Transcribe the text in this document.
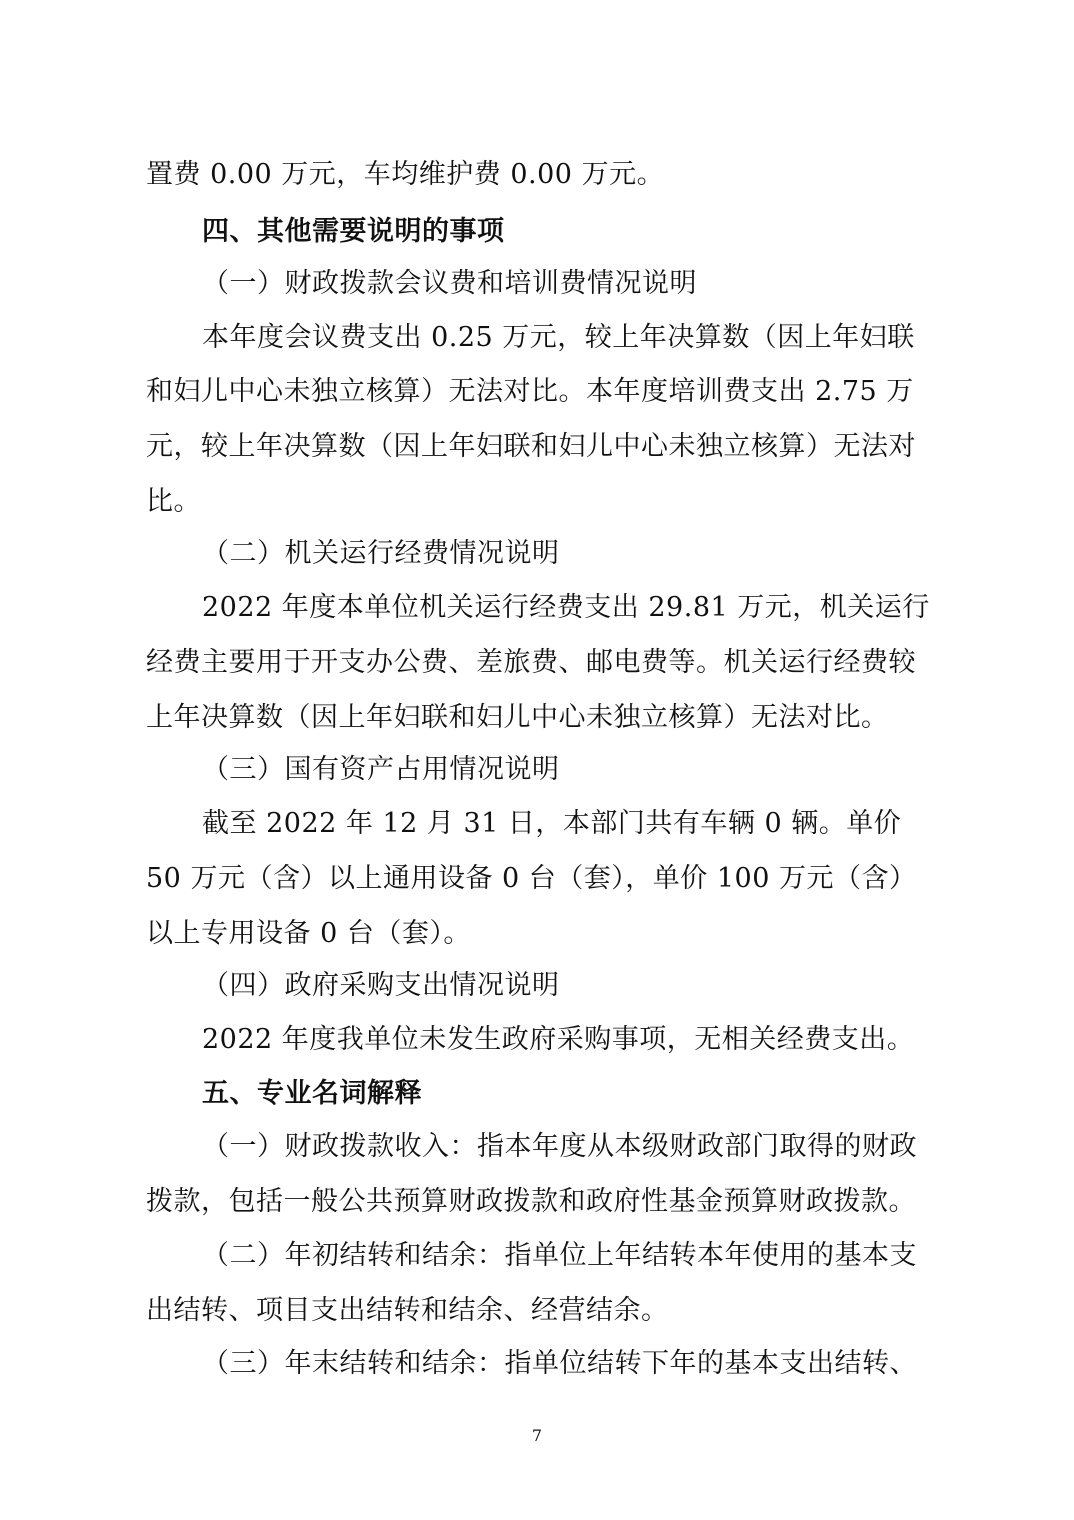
置费 0.00 万元，车均维护费 0.00 万元。
四、其他需要说明的事项
（一）财政拨款会议费和培训费情况说明
本年度会议费支出 0.25 万元，较上年决算数（因上年妇联
和妇儿中心未独立核算）无法对比。本年度培训费支出 2.75 万
元，较上年决算数（因上年妇联和妇儿中心未独立核算）无法对
比。
（二）机关运行经费情况说明
2022 年度本单位机关运行经费支出 29.81 万元，机关运行
经费主要用于开支办公费、差旅费、邮电费等。机关运行经费较
上年决算数（因上年妇联和妇儿中心未独立核算）无法对比。
（三）国有资产占用情况说明
截至 2022 年 12 月 31 日，本部门共有车辆 0 辆。单价
50 万元（含）以上通用设备 0 台（套），单价 100 万元（含）
以上专用设备 0 台（套）。
（四）政府采购支出情况说明
2022 年度我单位未发生政府采购事项，无相关经费支出。
五、专业名词解释
（一）财政拨款收入：指本年度从本级财政部门取得的财政
拨款，包括一般公共预算财政拨款和政府性基金预算财政拨款。
（二）年初结转和结余：指单位上年结转本年使用的基本支
出结转、项目支出结转和结余、经营结余。
（三）年末结转和结余：指单位结转下年的基本支出结转、
7
